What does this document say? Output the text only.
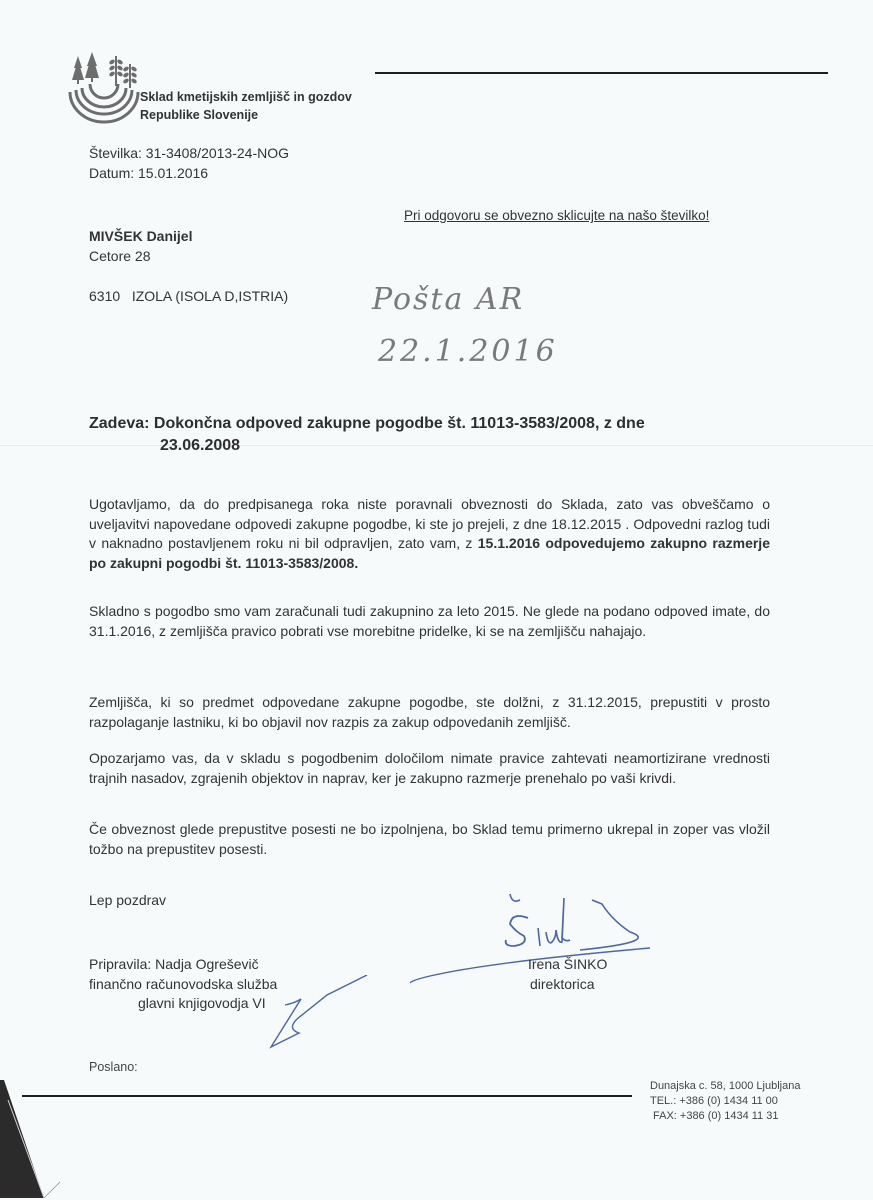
Sklad kmetijskih zemljišč in gozdov
Republike Slovenije
Številka: 31-3408/2013-24-NOG
Datum: 15.01.2016
Pri odgovoru se obvezno sklicujte na našo številko!
MIVŠEK Danijel
Cetore 28
6310   IZOLA (ISOLA D,ISTRIA)	Pošta AR
22.1.2016
Zadeva: Dokončna odpoved zakupne pogodbe št. 11013-3583/2008, z dne
23.06.2008
Ugotavljamo, da do predpisanega roka niste poravnali obveznosti do Sklada, zato vas obveščamo o uveljavitvi napovedane odpovedi zakupne pogodbe, ki ste jo prejeli, z dne 18.12.2015 . Odpovedni razlog tudi v naknadno postavljenem roku ni bil odpravljen, zato vam, z 15.1.2016 odpovedujemo zakupno razmerje po zakupni pogodbi št. 11013-3583/2008.
Skladno s pogodbo smo vam zaračunali tudi zakupnino za leto 2015. Ne glede na podano odpoved imate, do 31.1.2016, z zemljišča pravico pobrati vse morebitne pridelke, ki se na zemljišču nahajajo.
Zemljišča, ki so predmet odpovedane zakupne pogodbe, ste dolžni, z 31.12.2015, prepustiti v prosto razpolaganje lastniku, ki bo objavil nov razpis za zakup odpovedanih zemljišč.
Opozarjamo vas, da v skladu s pogodbenim določilom nimate pravice zahtevati neamortizirane vrednosti trajnih nasadov, zgrajenih objektov in naprav, ker je zakupno razmerje prenehalo po vaši krivdi.
Če obveznost glede prepustitve posesti ne bo izpolnjena, bo Sklad temu primerno ukrepal in zoper vas vložil tožbo na prepustitev posesti.
Lep pozdrav
Pripravila: Nadja Ogreševič
finančno računovodska služba
glavni knjigovodja VI
Šinko
Irena ŠINKO
direktorica
Poslano:
Dunajska c. 58, 1000 Ljubljana
TEL.: +386 (0) 1434 11 00
FAX: +386 (0) 1434 11 31
